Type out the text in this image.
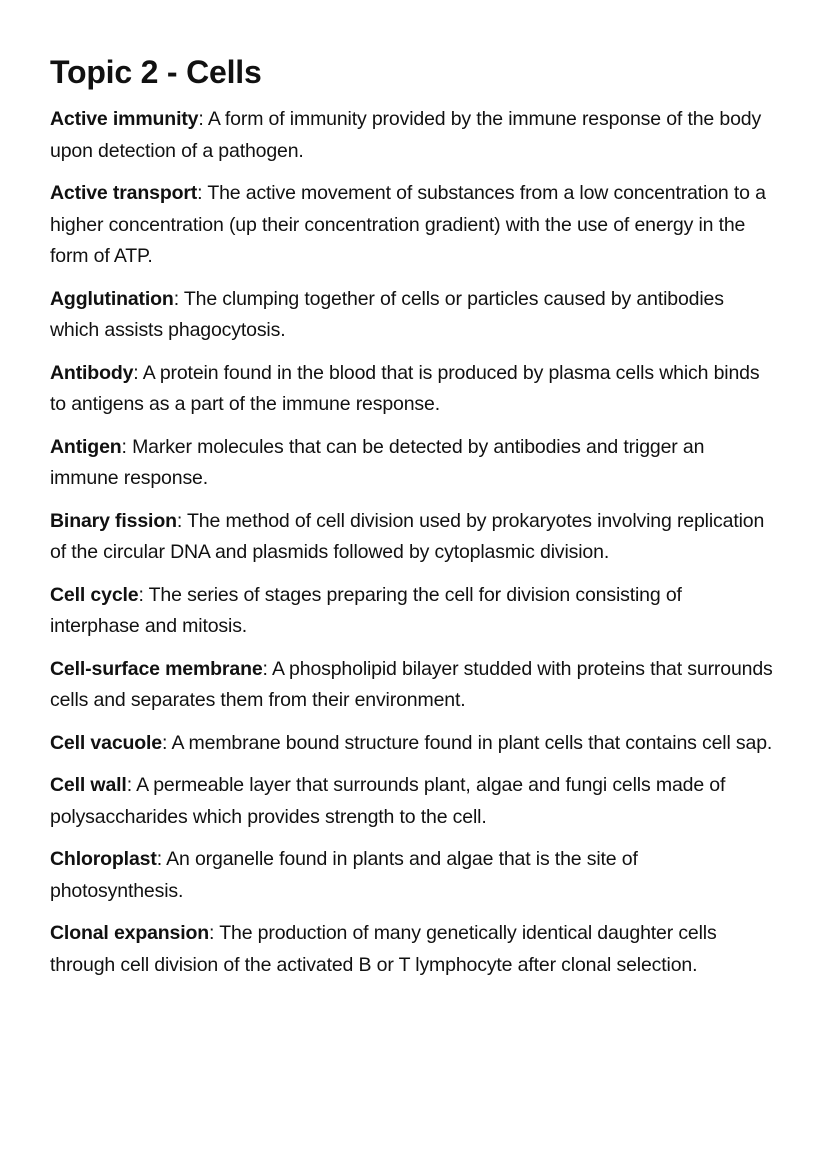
Topic 2 - Cells

Active immunity: A form of immunity provided by the immune response of the body upon detection of a pathogen.

Active transport: The active movement of substances from a low concentration to a higher concentration (up their concentration gradient) with the use of energy in the form of ATP.

Agglutination: The clumping together of cells or particles caused by antibodies which assists phagocytosis.

Antibody: A protein found in the blood that is produced by plasma cells which binds to antigens as a part of the immune response.

Antigen: Marker molecules that can be detected by antibodies and trigger an immune response.

Binary fission: The method of cell division used by prokaryotes involving replication of the circular DNA and plasmids followed by cytoplasmic division.

Cell cycle: The series of stages preparing the cell for division consisting of interphase and mitosis.

Cell-surface membrane: A phospholipid bilayer studded with proteins that surrounds cells and separates them from their environment.

Cell vacuole: A membrane bound structure found in plant cells that contains cell sap.

Cell wall: A permeable layer that surrounds plant, algae and fungi cells made of polysaccharides which provides strength to the cell.

Chloroplast: An organelle found in plants and algae that is the site of photosynthesis.

Clonal expansion: The production of many genetically identical daughter cells through cell division of the activated B or T lymphocyte after clonal selection.
